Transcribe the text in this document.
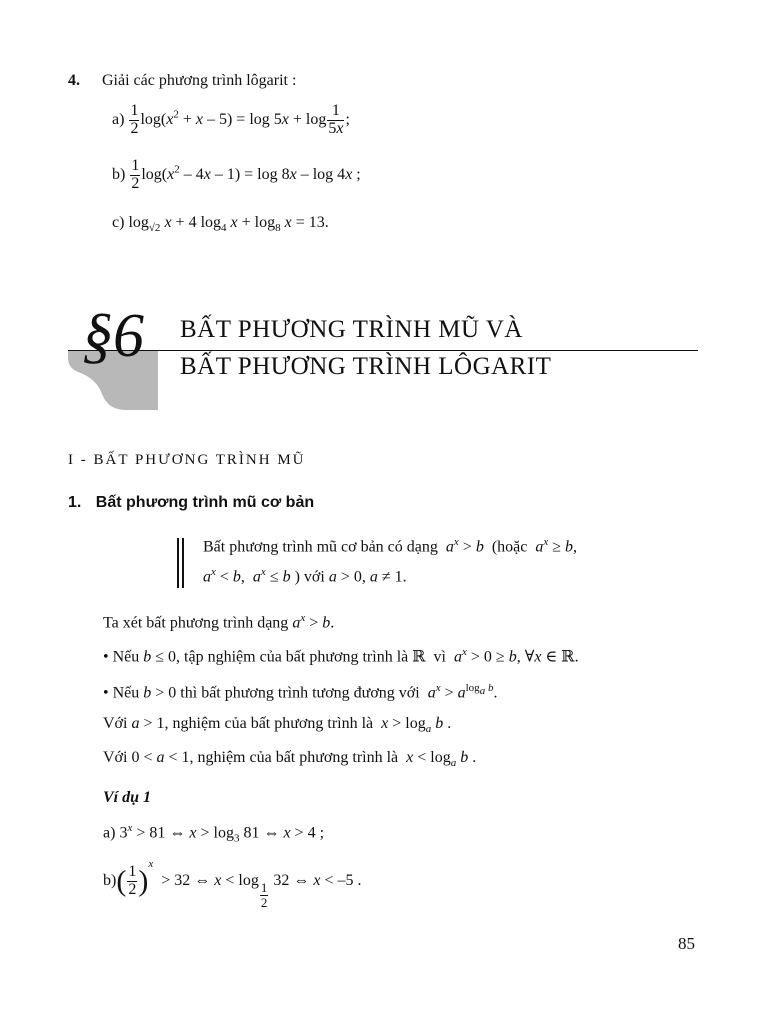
4. Giải các phương trình lôgarit :
$a) \frac{1}{2} \log(x^2 + x - 5) = \log 5x + \log \frac{1}{5x}$ ;
$b) \frac{1}{2} \log(x^2 - 4x - 1) = \log 8x - \log 4x$ ;
c) $\log_{√2} x + 4$ $\log_4 x + \log_8 x = 13$.
§6 BẤT PHƯƠNG TRÌNH MŨ VÀ
BẤT PHƯƠNG TRÌNH LÔGARIT
I - BẤT PHƯƠNG TRÌNH MŨ
1. Bất phương trình mũ cơ bản
Bất phương trình mũ cơ bản có dạng $a^x > b$ (hoặc $a^x \ge b$,
$a^x < b$,  $a^x \le b$ ) với a > 0, a ≠ 1.
Ta xét bất phương trình dạng $a^x > b$.
• Nếu b ≤ 0, tập nghiệm của bất phương trình là ℝ  vì $a^x > 0 \ge b$, ∀x ∈ ℝ.
• Nếu b > 0 thì bất phương trình tương đương với $a^x > a^{log_a b}$.
Với a > 1, nghiệm của bất phương trình là $x > \log_a b$ .
Với 0 < a < 1, nghiệm của bất phương trình là $x < \log_a b$ .
Ví dụ 1
a) $3^x > 81$ ⇔ $x > \log_3 81$ ⇔ x > 4 ;
$b)( \frac{1}{2} )^x > 32$ ⇔ x < log
$\frac{1}{2}$
32 ⇔ x < –5 .
85
